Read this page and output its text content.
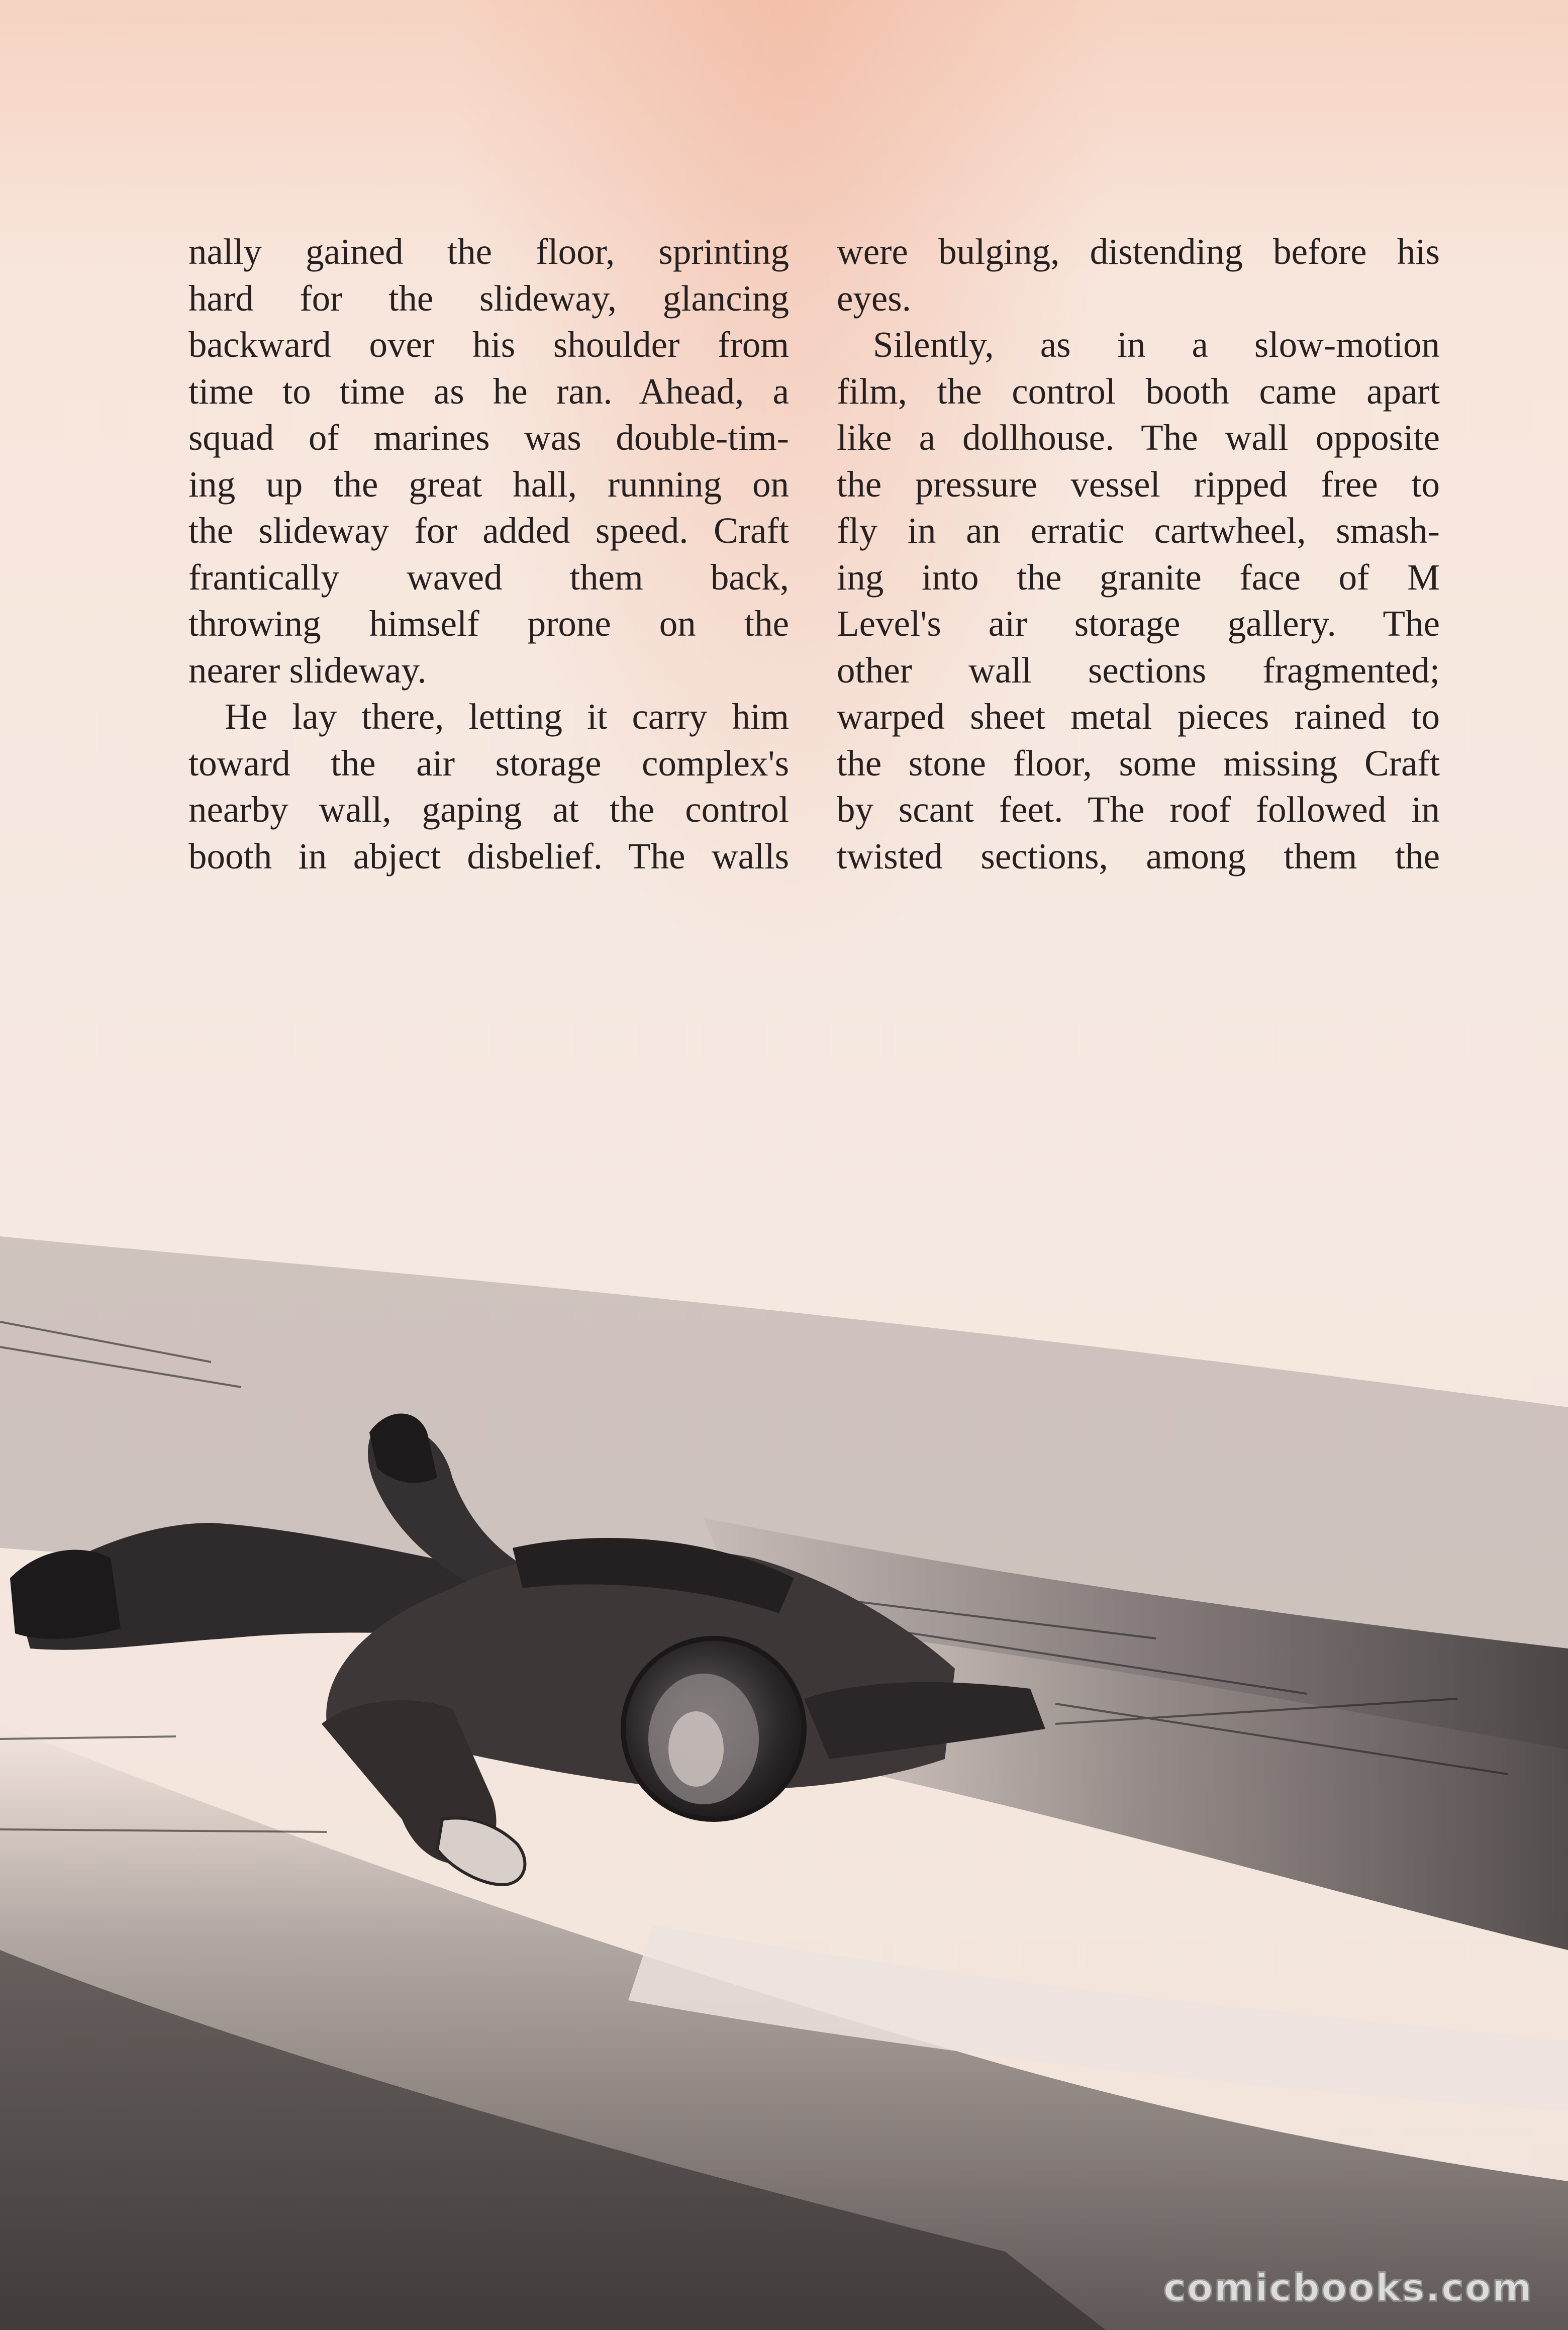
nally gained the floor, sprinting
hard for the slideway, glancing
backward over his shoulder from
time to time as he ran. Ahead, a
squad of marines was double-tim-
ing up the great hall, running on
the slideway for added speed. Craft
frantically waved them back,
throwing himself prone on the
nearer slideway.
He lay there, letting it carry him
toward the air storage complex's
nearby wall, gaping at the control
booth in abject disbelief. The walls
were bulging, distending before his
eyes.
Silently, as in a slow-motion
film, the control booth came apart
like a dollhouse. The wall opposite
the pressure vessel ripped free to
fly in an erratic cartwheel, smash-
ing into the granite face of M
Level's air storage gallery. The
other wall sections fragmented;
warped sheet metal pieces rained to
the stone floor, some missing Craft
by scant feet. The roof followed in
twisted sections, among them the
comicbooks.com
